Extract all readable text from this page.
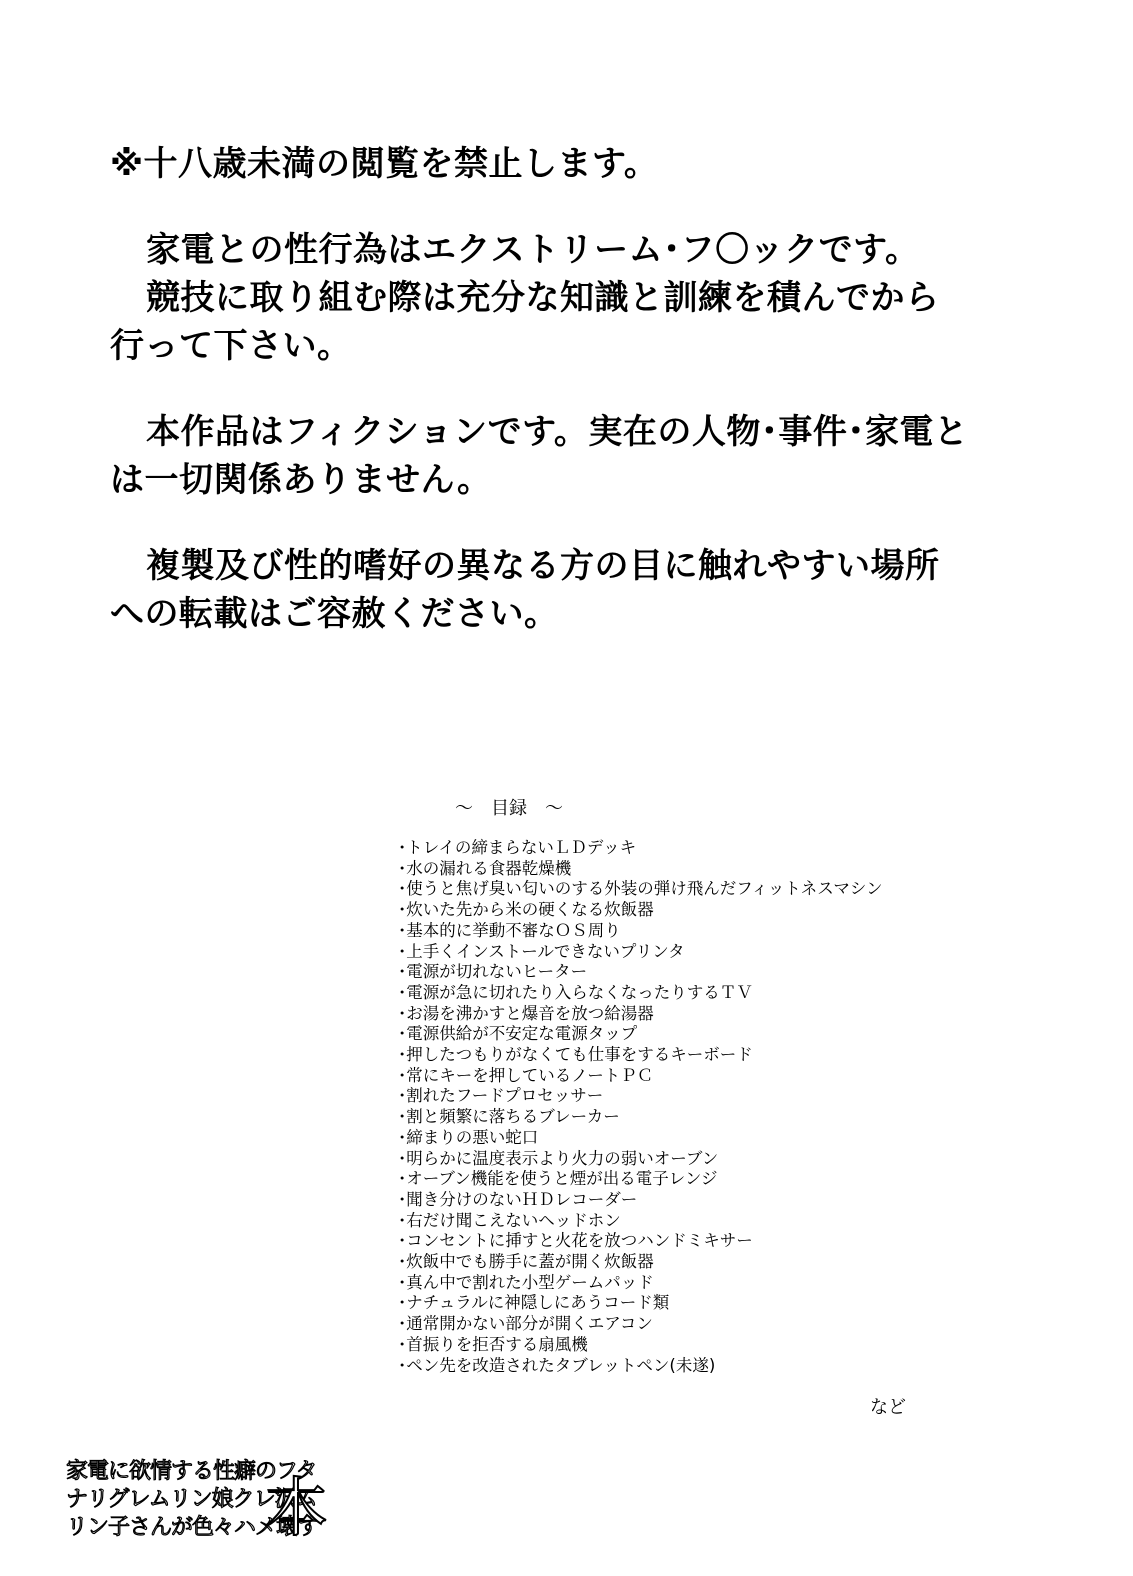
※十八歳未満の閲覧を禁止します。

家電との性行為はエクストリーム･フ〇ックです。

競技に取り組む際は充分な知識と訓練を積んでから

行って下さい。

本作品はフィクションです。実在の人物･事件･家電と

は一切関係ありません。

複製及び性的嗜好の異なる方の目に触れやすい場所

への転載はご容赦ください。

～　目録　～
･トレイの締まらないＬＤデッキ
･水の漏れる食器乾燥機
･使うと焦げ臭い匂いのする外装の弾け飛んだフィットネスマシン
･炊いた先から米の硬くなる炊飯器
･基本的に挙動不審なＯＳ周り
･上手くインストールできないプリンタ
･電源が切れないヒーター
･電源が急に切れたり入らなくなったりするＴＶ
･お湯を沸かすと爆音を放つ給湯器
･電源供給が不安定な電源タップ
･押したつもりがなくても仕事をするキーボード
･常にキーを押しているノートＰＣ
･割れたフードプロセッサー
･割と頻繁に落ちるブレーカー
･締まりの悪い蛇口
･明らかに温度表示より火力の弱いオーブン
･オーブン機能を使うと煙が出る電子レンジ
･聞き分けのないＨＤレコーダー
･右だけ聞こえないヘッドホン
･コンセントに挿すと火花を放つハンドミキサー
･炊飯中でも勝手に蓋が開く炊飯器
･真ん中で割れた小型ゲームパッド
･ナチュラルに神隠しにあうコード類
･通常開かない部分が開くエアコン
･首振りを拒否する扇風機
･ペン先を改造されたタブレットペン(未遂)
など
家電に欲情する性癖のフタ
ナリグレムリン娘クレ沢ム
リン子さんが色々ハメ壊す
本
